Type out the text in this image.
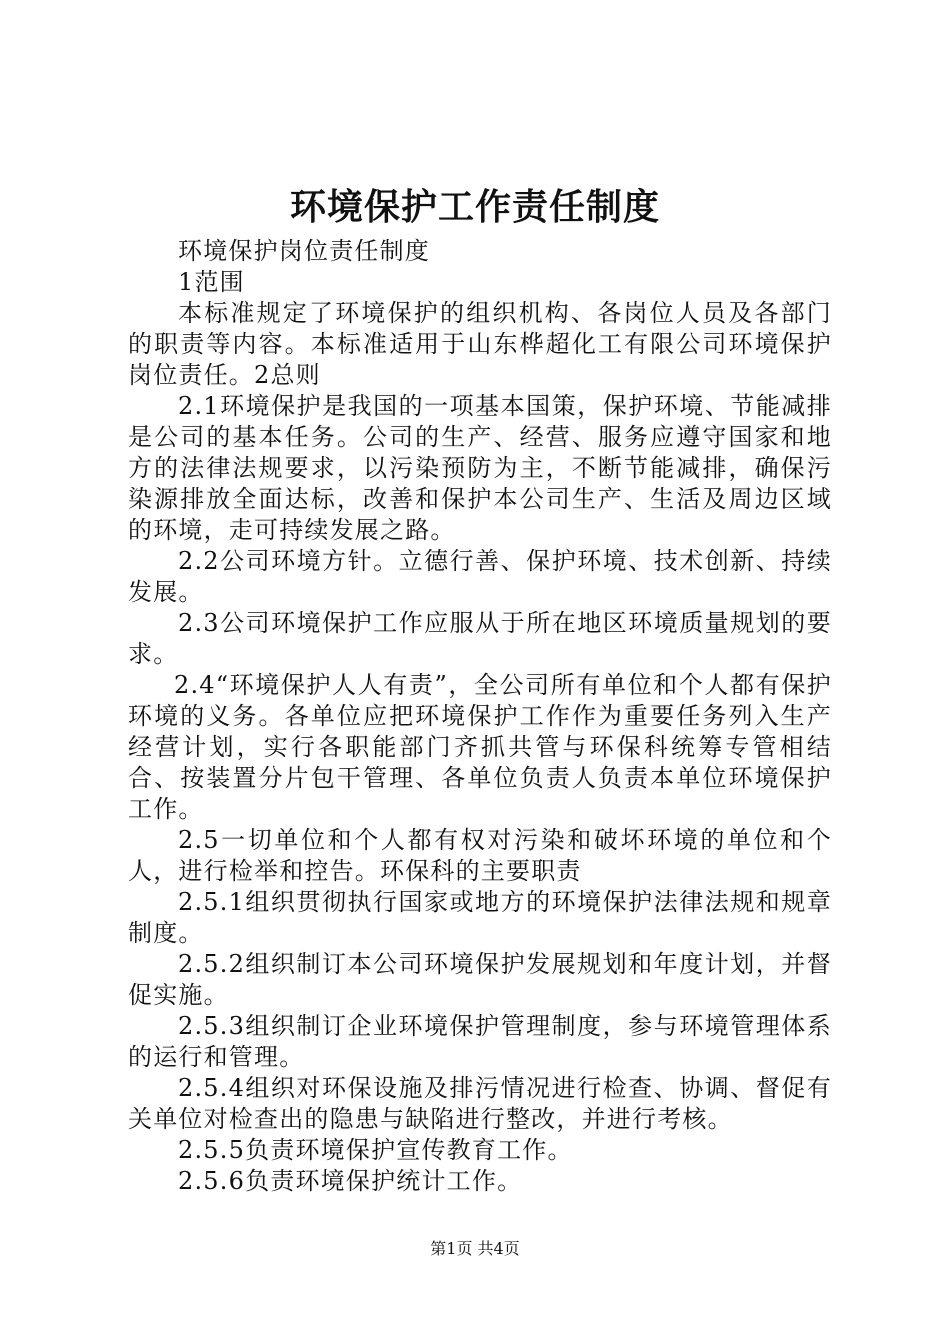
环境保护工作责任制度

环境保护岗位责任制度

1范围

本标准规定了环境保护的组织机构、各岗位人员及各部门的职责等内容。本标准适用于山东桦超化工有限公司环境保护岗位责任。2总则

2.1环境保护是我国的一项基本国策，保护环境、节能减排是公司的基本任务。公司的生产、经营、服务应遵守国家和地方的法律法规要求，以污染预防为主，不断节能减排，确保污染源排放全面达标，改善和保护本公司生产、生活及周边区域的环境，走可持续发展之路。

2.2公司环境方针。立德行善、保护环境、技术创新、持续发展。

2.3公司环境保护工作应服从于所在地区环境质量规划的要求。

2.4“环境保护人人有责”，全公司所有单位和个人都有保护环境的义务。各单位应把环境保护工作作为重要任务列入生产经营计划，实行各职能部门齐抓共管与环保科统筹专管相结合、按装置分片包干管理、各单位负责人负责本单位环境保护工作。

2.5一切单位和个人都有权对污染和破坏环境的单位和个人，进行检举和控告。环保科的主要职责

2.5.1组织贯彻执行国家或地方的环境保护法律法规和规章制度。

2.5.2组织制订本公司环境保护发展规划和年度计划，并督促实施。

2.5.3组织制订企业环境保护管理制度，参与环境管理体系的运行和管理。

2.5.4组织对环保设施及排污情况进行检查、协调、督促有关单位对检查出的隐患与缺陷进行整改，并进行考核。

2.5.5负责环境保护宣传教育工作。

2.5.6负责环境保护统计工作。

第1页 共4页
